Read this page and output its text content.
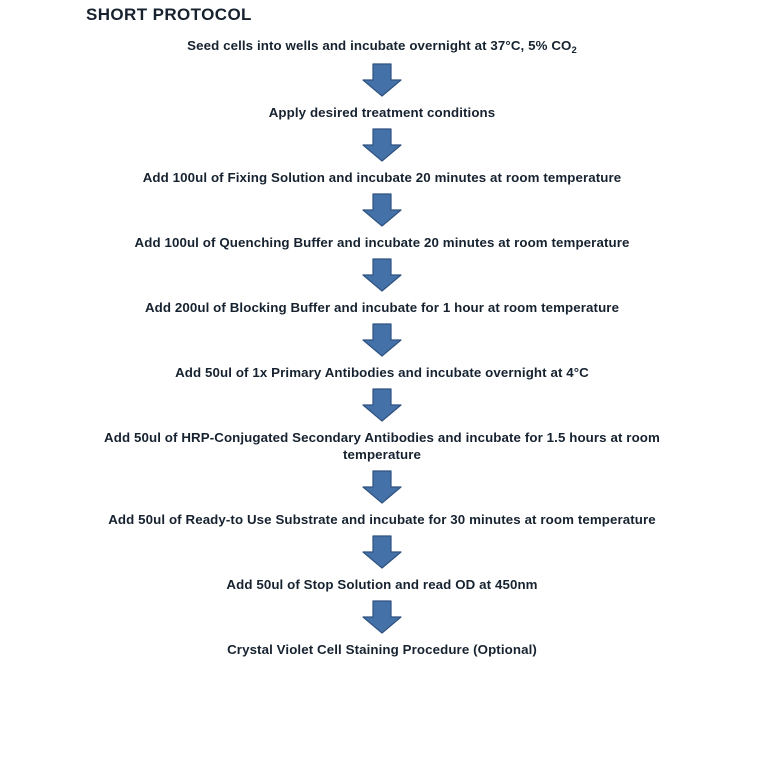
SHORT PROTOCOL
Seed cells into wells and incubate overnight at 37°C, 5% $CO_2$
Apply desired treatment conditions
Add 100ul of Fixing Solution and incubate 20 minutes at room temperature
Add 100ul of Quenching Buffer and incubate 20 minutes at room temperature
Add 200ul of Blocking Buffer and incubate for 1 hour at room temperature
Add 50ul of 1x Primary Antibodies and incubate overnight at 4°C
Add 50ul of HRP-Conjugated Secondary Antibodies and incubate for 1.5 hours at room temperature
Add 50ul of Ready-to Use Substrate and incubate for 30 minutes at room temperature
Add 50ul of Stop Solution and read OD at 450nm
Crystal Violet Cell Staining Procedure (Optional)
